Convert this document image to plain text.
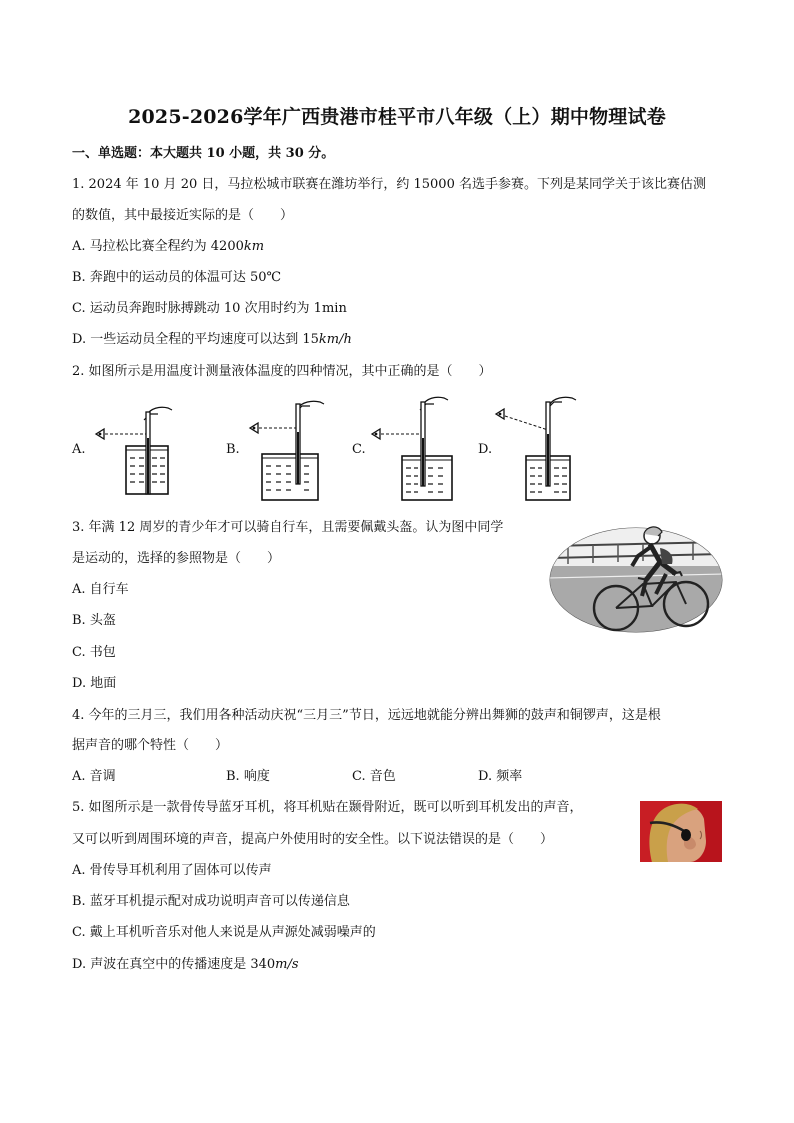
2025-2026学年广西贵港市桂平市八年级（上）期中物理试卷
一、单选题：本大题共 10 小题，共 30 分。
1. 2024 年 10 月 20 日，马拉松城市联赛在潍坊举行，约 15000 名选手参赛。下列是某同学关于该比赛估测
的数值，其中最接近实际的是（　　）
A. 马拉松比赛全程约为 4200km
B. 奔跑中的运动员的体温可达 50℃
C. 运动员奔跑时脉搏跳动 10 次用时约为 1min
D. 一些运动员全程的平均速度可以达到 15km/h
2. 如图所示是用温度计测量液体温度的四种情况，其中正确的是（　　）
A.	B.	C.	D.
3. 年满 12 周岁的青少年才可以骑自行车，且需要佩戴头盔。认为图中同学
是运动的，选择的参照物是（　　）
A. 自行车
B. 头盔
C. 书包
D. 地面
4. 今年的三月三，我们用各种活动庆祝“三月三”节日，远远地就能分辨出舞狮的鼓声和铜锣声，这是根
据声音的哪个特性（　　）
A. 音调	B. 响度	C. 音色	D. 频率
5. 如图所示是一款骨传导蓝牙耳机，将耳机贴在颞骨附近，既可以听到耳机发出的声音，
又可以听到周围环境的声音，提高户外使用时的安全性。以下说法错误的是（　　）
A. 骨传导耳机利用了固体可以传声
B. 蓝牙耳机提示配对成功说明声音可以传递信息
C. 戴上耳机听音乐对他人来说是从声源处减弱噪声的
D. 声波在真空中的传播速度是 340m/s
